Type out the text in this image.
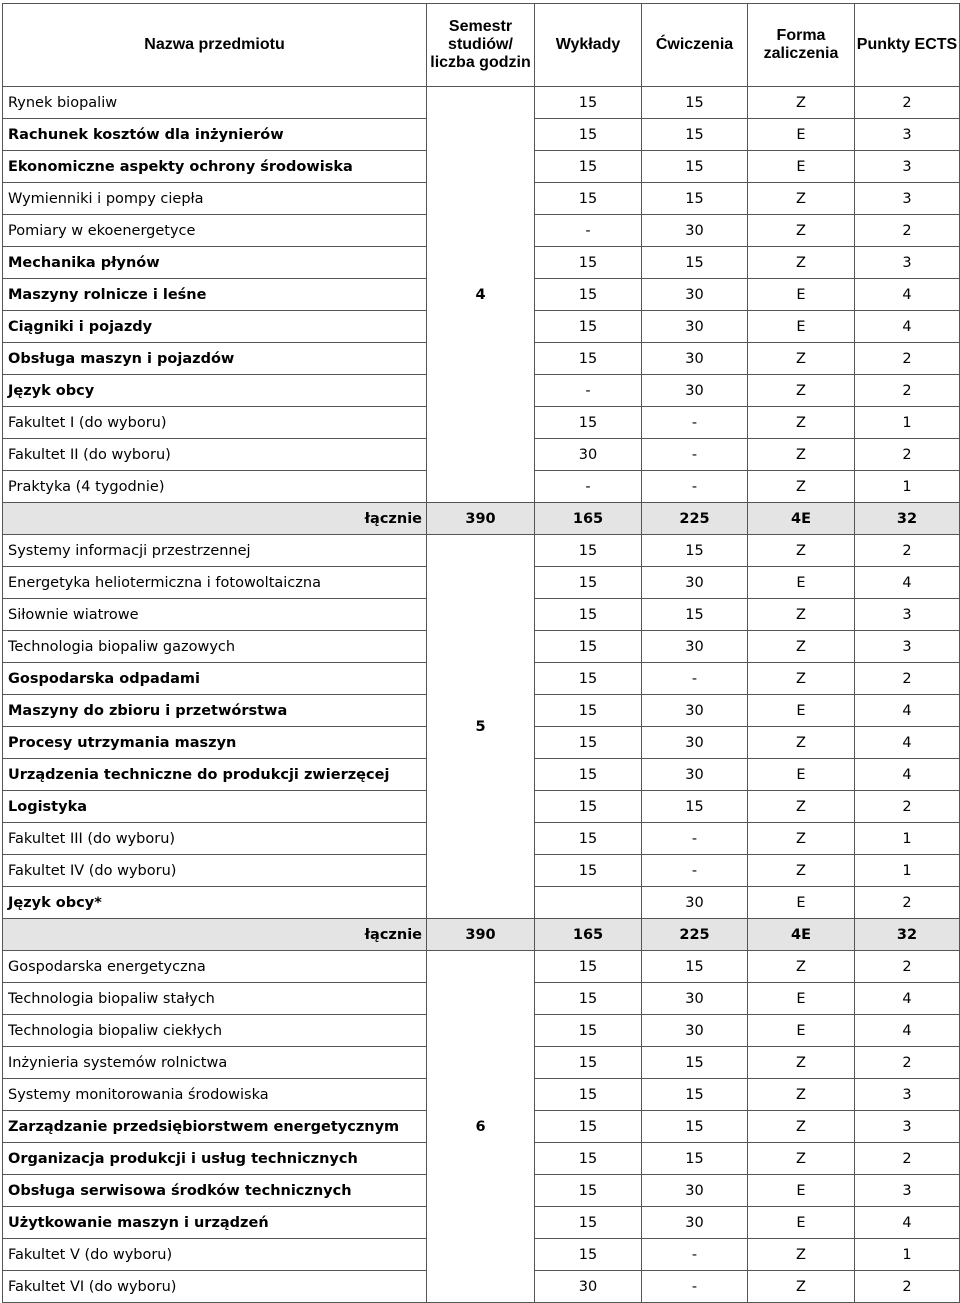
Nazwa przedmiotu	Semestr studiów/ liczba godzin	Wykłady	Ćwiczenia	Forma zaliczenia	Punkty ECTS
Rynek biopaliw	4	15	15	Z	2
Rachunek kosztów dla inżynierów		15	15	E	3
Ekonomiczne aspekty ochrony środowiska		15	15	E	3
Wymienniki i pompy ciepła		15	15	Z	3
Pomiary w ekoenergetyce		-	30	Z	2
Mechanika płynów		15	15	Z	3
Maszyny rolnicze i leśne		15	30	E	4
Ciągniki i pojazdy		15	30	E	4
Obsługa maszyn i pojazdów		15	30	Z	2
Język obcy		-	30	Z	2
Fakultet I (do wyboru)		15	-	Z	1
Fakultet II (do wyboru)		30	-	Z	2
Praktyka (4 tygodnie)		-	-	Z	1
łącznie	390	165	225	4E	32
Systemy informacji przestrzennej	5	15	15	Z	2
Energetyka heliotermiczna i fotowoltaiczna		15	30	E	4
Siłownie wiatrowe		15	15	Z	3
Technologia biopaliw gazowych		15	30	Z	3
Gospodarska odpadami		15	-	Z	2
Maszyny do zbioru i przetwórstwa		15	30	E	4
Procesy utrzymania maszyn		15	30	Z	4
Urządzenia techniczne do produkcji zwierzęcej		15	30	E	4
Logistyka		15	15	Z	2
Fakultet III (do wyboru)		15	-	Z	1
Fakultet IV (do wyboru)		15	-	Z	1
Język obcy*			30	E	2
łącznie	390	165	225	4E	32
Gospodarska energetyczna	6	15	15	Z	2
Technologia biopaliw stałych		15	30	E	4
Technologia biopaliw ciekłych		15	30	E	4
Inżynieria systemów rolnictwa		15	15	Z	2
Systemy monitorowania środowiska		15	15	Z	3
Zarządzanie przedsiębiorstwem energetycznym		15	15	Z	3
Organizacja produkcji i usług technicznych		15	15	Z	2
Obsługa serwisowa środków technicznych		15	30	E	3
Użytkowanie maszyn i urządzeń		15	30	E	4
Fakultet V (do wyboru)		15	-	Z	1
Fakultet VI (do wyboru)		30	-	Z	2
